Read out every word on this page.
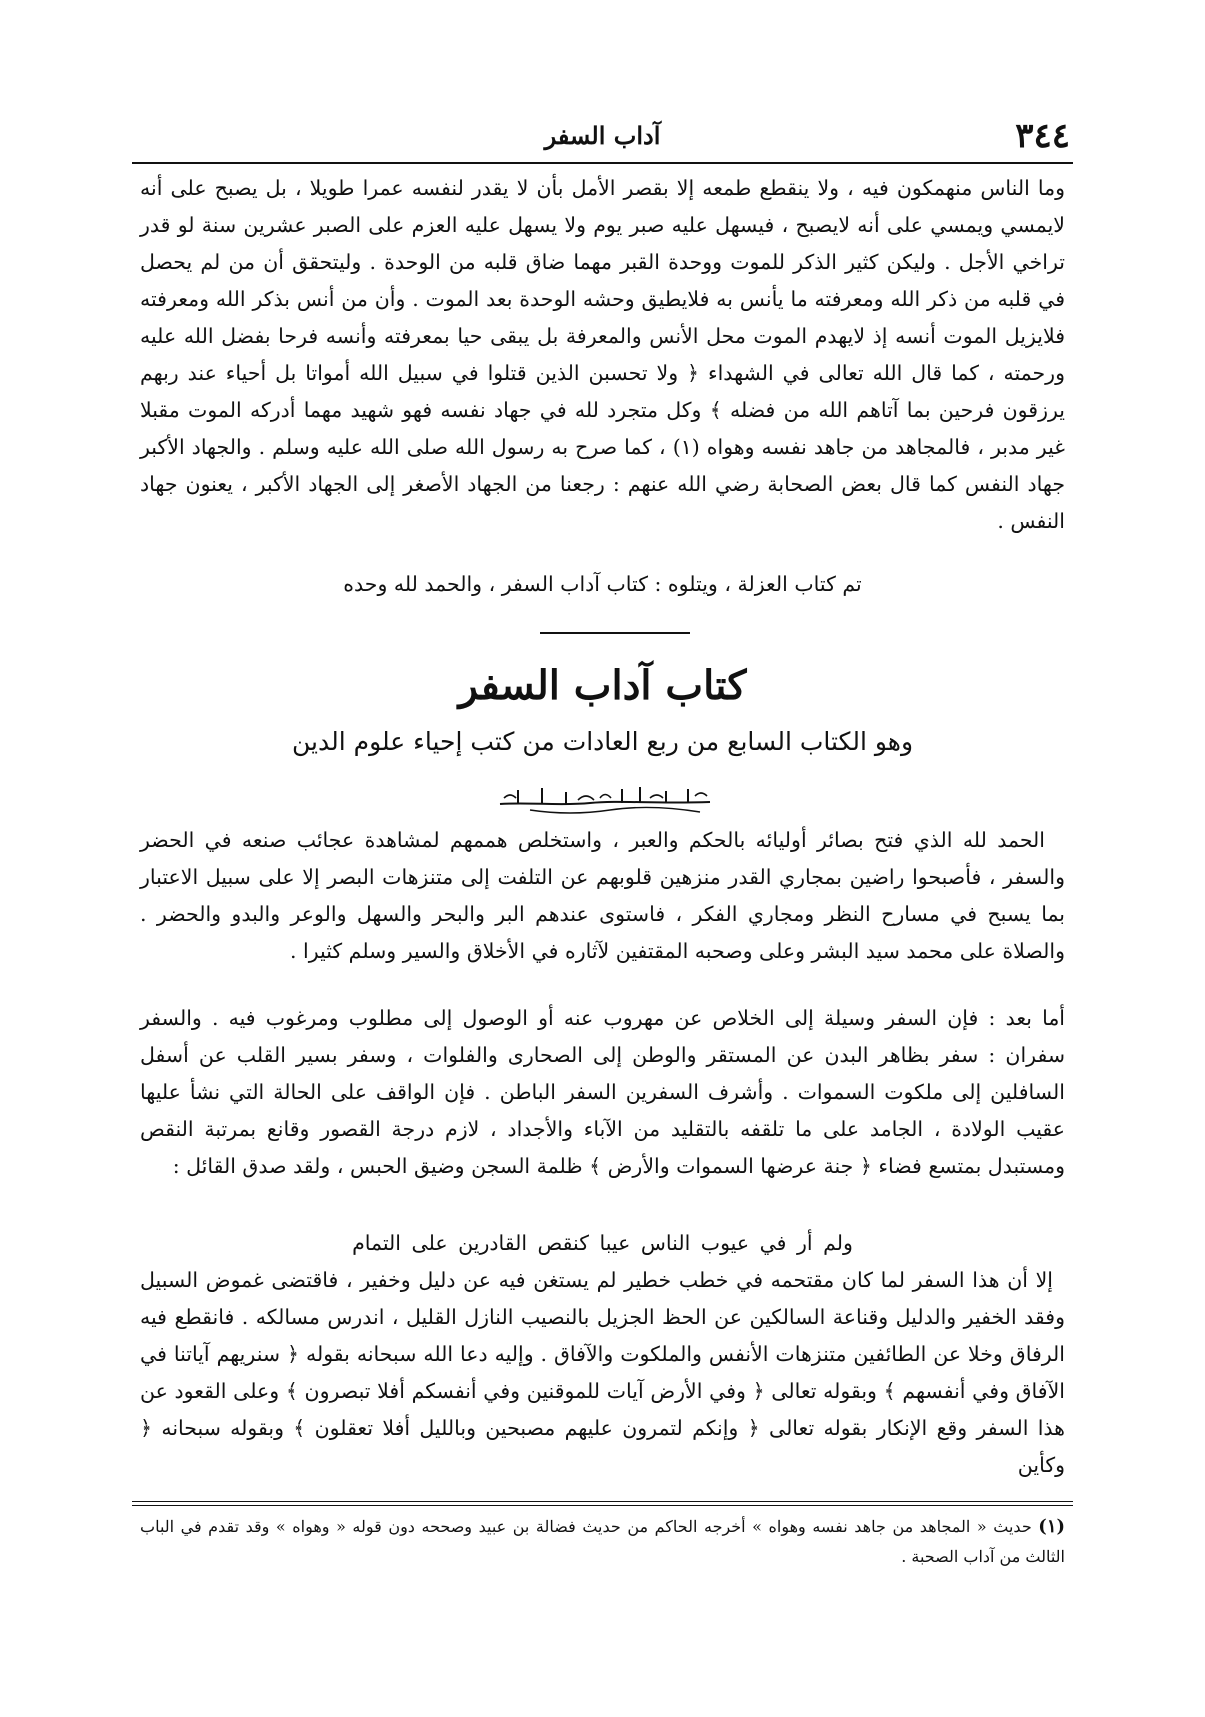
٣٤٤
آداب السفر

وما الناس منهمكون فيه ، ولا ينقطع طمعه إلا بقصر الأمل بأن لا يقدر لنفسه عمرا طويلا ، بل يصبح على أنه لايمسي ويمسي على أنه لايصبح ، فيسهل عليه صبر يوم ولا يسهل عليه العزم على الصبر عشرين سنة لو قدر تراخي الأجل . وليكن كثير الذكر للموت ووحدة القبر مهما ضاق قلبه من الوحدة . وليتحقق أن من لم يحصل في قلبه من ذكر الله ومعرفته ما يأنس به فلايطيق وحشه الوحدة بعد الموت . وأن من أنس بذكر الله ومعرفته فلايزيل الموت أنسه إذ لايهدم الموت محل الأنس والمعرفة بل يبقى حيا بمعرفته وأنسه فرحا بفضل الله عليه ورحمته ، كما قال الله تعالى في الشهداء ﴿ ولا تحسبن الذين قتلوا في سبيل الله أمواتا بل أحياء عند ربهم يرزقون فرحين بما آتاهم الله من فضله ﴾ وكل متجرد لله في جهاد نفسه فهو شهيد مهما أدركه الموت مقبلا غير مدبر ، فالمجاهد من جاهد نفسه وهواه (١) ، كما صرح به رسول الله صلى الله عليه وسلم . والجهاد الأكبر جهاد النفس كما قال بعض الصحابة رضي الله عنهم : رجعنا من الجهاد الأصغر إلى الجهاد الأكبر ، يعنون جهاد النفس .

تم كتاب العزلة ، ويتلوه : كتاب آداب السفر ، والحمد لله وحده
كتاب آداب السفر
وهو الكتاب السابع من ربع العادات من كتب إحياء علوم الدين

الحمد لله الذي فتح بصائر أوليائه بالحكم والعبر ، واستخلص هممهم لمشاهدة عجائب صنعه في الحضر والسفر ، فأصبحوا راضين بمجاري القدر منزهين قلوبهم عن التلفت إلى متنزهات البصر إلا على سبيل الاعتبار بما يسبح في مسارح النظر ومجاري الفكر ، فاستوى عندهم البر والبحر والسهل والوعر والبدو والحضر . والصلاة على محمد سيد البشر وعلى وصحبه المقتفين لآثاره في الأخلاق والسير وسلم كثيرا .

أما بعد : فإن السفر وسيلة إلى الخلاص عن مهروب عنه أو الوصول إلى مطلوب ومرغوب فيه . والسفر سفران : سفر بظاهر البدن عن المستقر والوطن إلى الصحارى والفلوات ، وسفر بسير القلب عن أسفل السافلين إلى ملكوت السموات . وأشرف السفرين السفر الباطن . فإن الواقف على الحالة التي نشأ عليها عقيب الولادة ، الجامد على ما تلقفه بالتقليد من الآباء والأجداد ، لازم درجة القصور وقانع بمرتبة النقص ومستبدل بمتسع فضاء ﴿ جنة عرضها السموات والأرض ﴾ ظلمة السجن وضيق الحبس ، ولقد صدق القائل :

ولم أر في عيوب الناس عيبا كنقص القادرين على التمام

إلا أن هذا السفر لما كان مقتحمه في خطب خطير لم يستغن فيه عن دليل وخفير ، فاقتضى غموض السبيل وفقد الخفير والدليل وقناعة السالكين عن الحظ الجزيل بالنصيب النازل القليل ، اندرس مسالكه . فانقطع فيه الرفاق وخلا عن الطائفين متنزهات الأنفس والملكوت والآفاق . وإليه دعا الله سبحانه بقوله ﴿ سنريهم آياتنا في الآفاق وفي أنفسهم ﴾ وبقوله تعالى ﴿ وفي الأرض آيات للموقنين وفي أنفسكم أفلا تبصرون ﴾ وعلى القعود عن هذا السفر وقع الإنكار بقوله تعالى ﴿ وإنكم لتمرون عليهم مصبحين وبالليل أفلا تعقلون ﴾ وبقوله سبحانه ﴿ وكأين

(١) حديث « المجاهد من جاهد نفسه وهواه » أخرجه الحاكم من حديث فضالة بن عبيد وصححه دون قوله « وهواه » وقد تقدم في الباب الثالث من آداب الصحبة .
